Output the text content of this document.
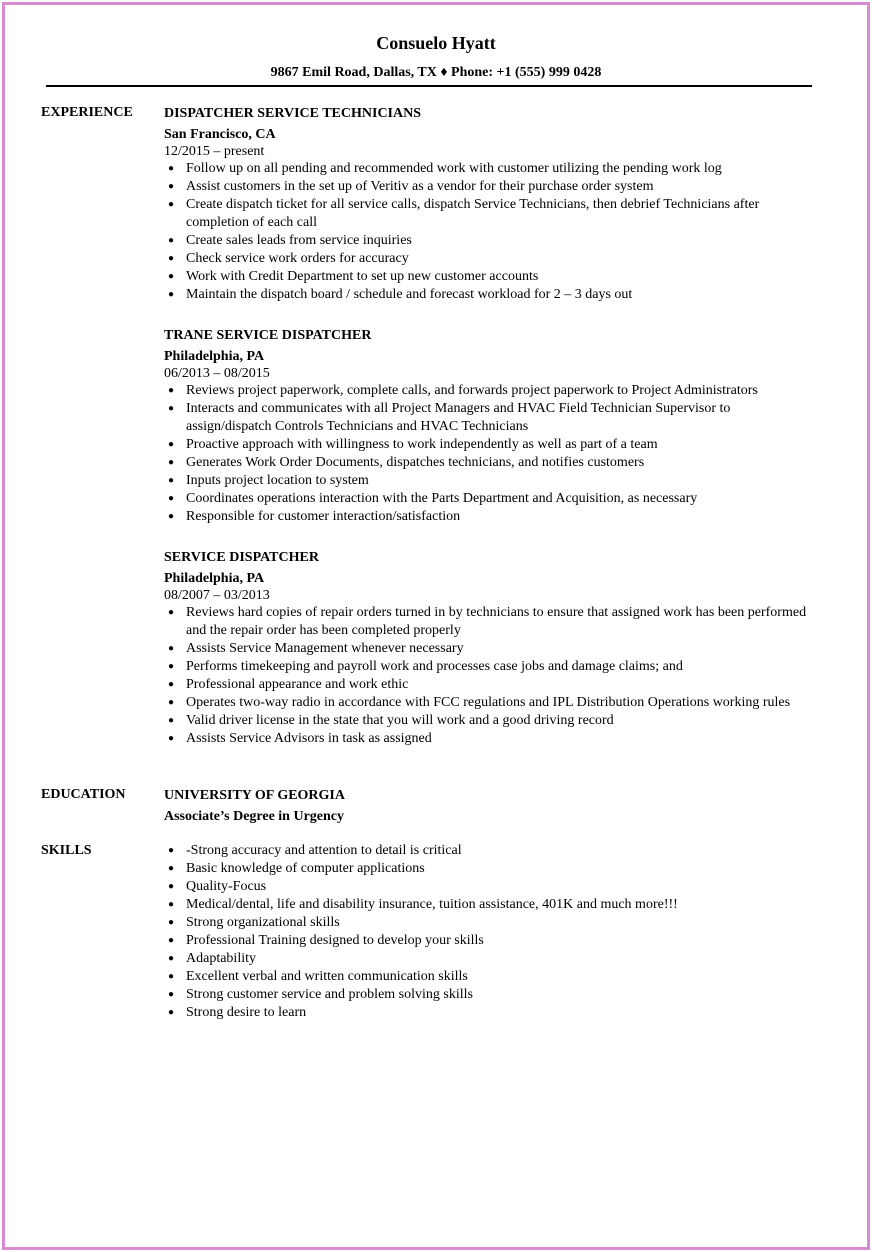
Consuelo Hyatt
9867 Emil Road, Dallas, TX ♦ Phone: +1 (555) 999 0428
EXPERIENCE DISPATCHER SERVICE TECHNICIANS
San Francisco, CA
12/2015 – present
● Follow up on all pending and recommended work with customer utilizing the pending work log
● Assist customers in the set up of Veritiv as a vendor for their purchase order system
● Create dispatch ticket for all service calls, dispatch Service Technicians, then debrief Technicians after completion of each call
● Create sales leads from service inquiries
● Check service work orders for accuracy
● Work with Credit Department to set up new customer accounts
● Maintain the dispatch board / schedule and forecast workload for 2 – 3 days out
TRANE SERVICE DISPATCHER
Philadelphia, PA
06/2013 – 08/2015
● Reviews project paperwork, complete calls, and forwards project paperwork to Project Administrators
● Interacts and communicates with all Project Managers and HVAC Field Technician Supervisor to assign/dispatch Controls Technicians and HVAC Technicians
● Proactive approach with willingness to work independently as well as part of a team
● Generates Work Order Documents, dispatches technicians, and notifies customers
● Inputs project location to system
● Coordinates operations interaction with the Parts Department and Acquisition, as necessary
● Responsible for customer interaction/satisfaction
SERVICE DISPATCHER
Philadelphia, PA
08/2007 – 03/2013
● Reviews hard copies of repair orders turned in by technicians to ensure that assigned work has been performed and the repair order has been completed properly
● Assists Service Management whenever necessary
● Performs timekeeping and payroll work and processes case jobs and damage claims; and
● Professional appearance and work ethic
● Operates two-way radio in accordance with FCC regulations and IPL Distribution Operations working rules
● Valid driver license in the state that you will work and a good driving record
● Assists Service Advisors in task as assigned
EDUCATION	UNIVERSITY OF GEORGIA
Associate’s Degree in Urgency
SKILLS	● -Strong accuracy and attention to detail is critical
● Basic knowledge of computer applications
● Quality-Focus
● Medical/dental, life and disability insurance, tuition assistance, 401K and much more!!!
● Strong organizational skills
● Professional Training designed to develop your skills
● Adaptability
● Excellent verbal and written communication skills
● Strong customer service and problem solving skills
● Strong desire to learn
